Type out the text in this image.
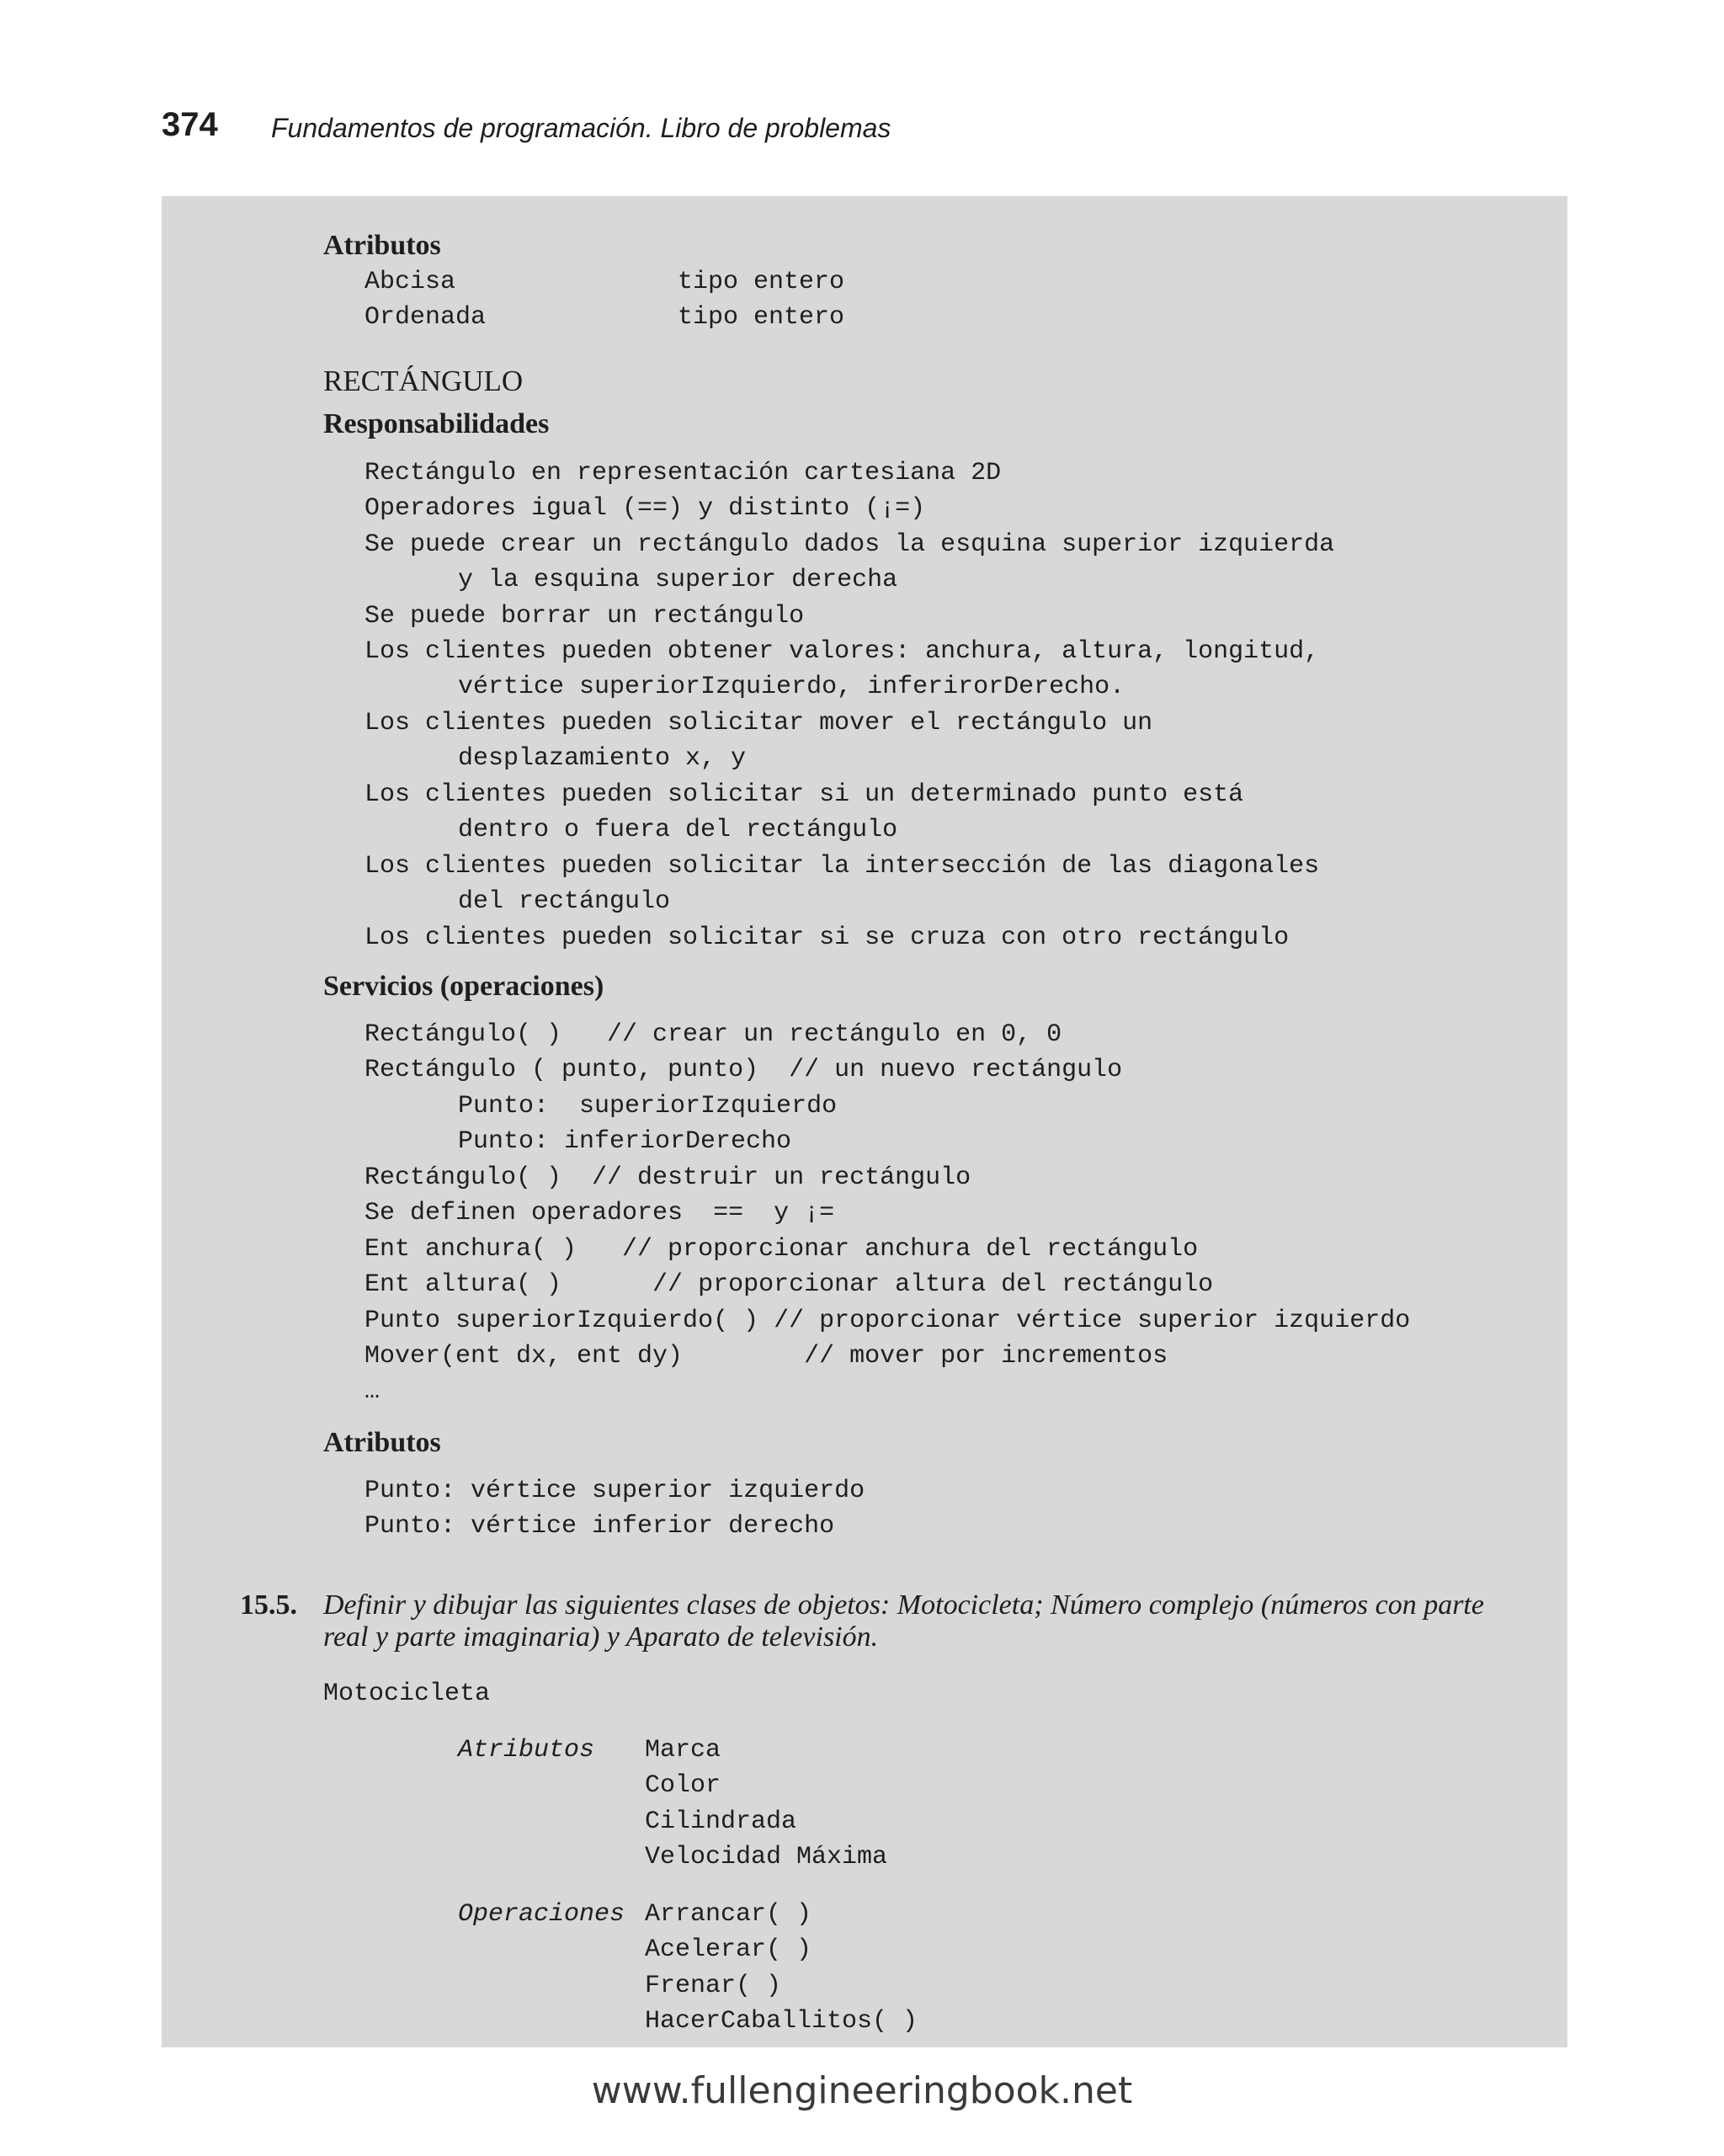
374 Fundamentos de programación. Libro de problemas
Atributos
Abcisa	tipo entero
Ordenada	tipo entero
RECTÁNGULO
Responsabilidades
Rectángulo en representación cartesiana 2D
Operadores igual (==) y distinto (¡=)
Se puede crear un rectángulo dados la esquina superior izquierda
y la esquina superior derecha
Se puede borrar un rectángulo
Los clientes pueden obtener valores: anchura, altura, longitud,
vértice superiorIzquierdo, inferirorDerecho.
Los clientes pueden solicitar mover el rectángulo un
desplazamiento x, y
Los clientes pueden solicitar si un determinado punto está
dentro o fuera del rectángulo
Los clientes pueden solicitar la intersección de las diagonales
del rectángulo
Los clientes pueden solicitar si se cruza con otro rectángulo
Servicios (operaciones)
Rectángulo( )   // crear un rectángulo en 0, 0
Rectángulo ( punto, punto)  // un nuevo rectángulo
Punto:  superiorIzquierdo
Punto: inferiorDerecho
Rectángulo( )  // destruir un rectángulo
Se definen operadores  ==  y ¡=
Ent anchura( )   // proporcionar anchura del rectángulo
Ent altura( )      // proporcionar altura del rectángulo
Punto superiorIzquierdo( ) // proporcionar vértice superior izquierdo
Mover(ent dx, ent dy)        // mover por incrementos
…
Atributos
Punto: vértice superior izquierdo
Punto: vértice inferior derecho
15.5. Definir y dibujar las siguientes clases de objetos: Motocicleta; Número complejo (números con parte real y parte imaginaria) y Aparato de televisión.
Motocicleta
Atributos Marca
Color
Cilindrada
Velocidad Máxima
Operaciones Arrancar( )
Acelerar( )
Frenar( )
HacerCaballitos( )
www.fullengineeringbook.net
